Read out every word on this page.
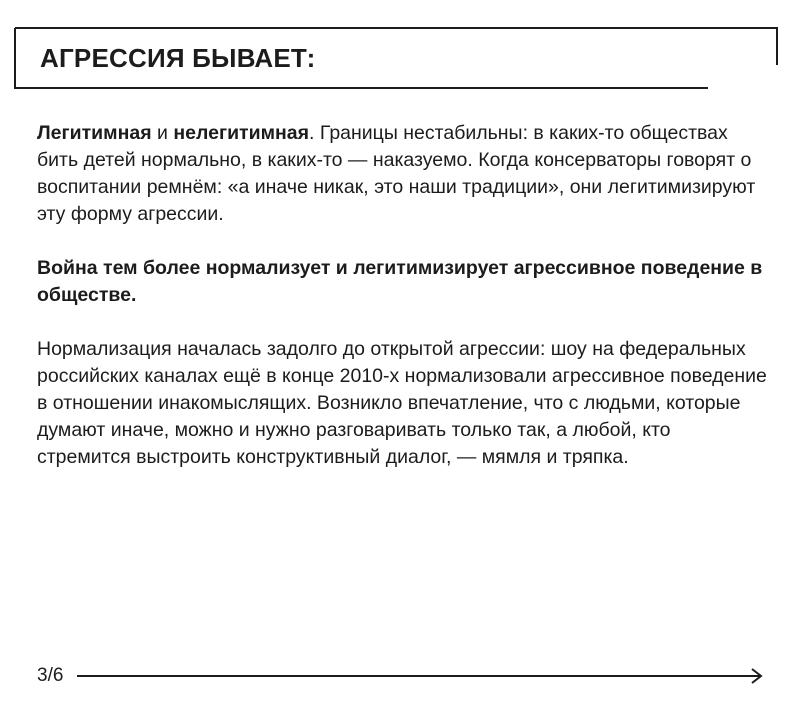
АГРЕССИЯ БЫВАЕТ:

Легитимная и нелегитимная. Границы нестабильны: в каких-то обществах бить детей нормально, в каких-то — наказуемо. Когда консерваторы говорят о воспитании ремнём: «а иначе никак, это наши традиции», они легитимизируют эту форму агрессии.

Война тем более нормализует и легитимизирует агрессивное поведение в обществе.

Нормализация началась задолго до открытой агрессии: шоу на федеральных российских каналах ещё в конце 2010-х нормализовали агрессивное поведение в отношении инакомыслящих. Возникло впечатление, что с людьми, которые думают иначе, можно и нужно разговаривать только так, а любой, кто стремится выстроить конструктивный диалог, — мямля и тряпка.

3/6
